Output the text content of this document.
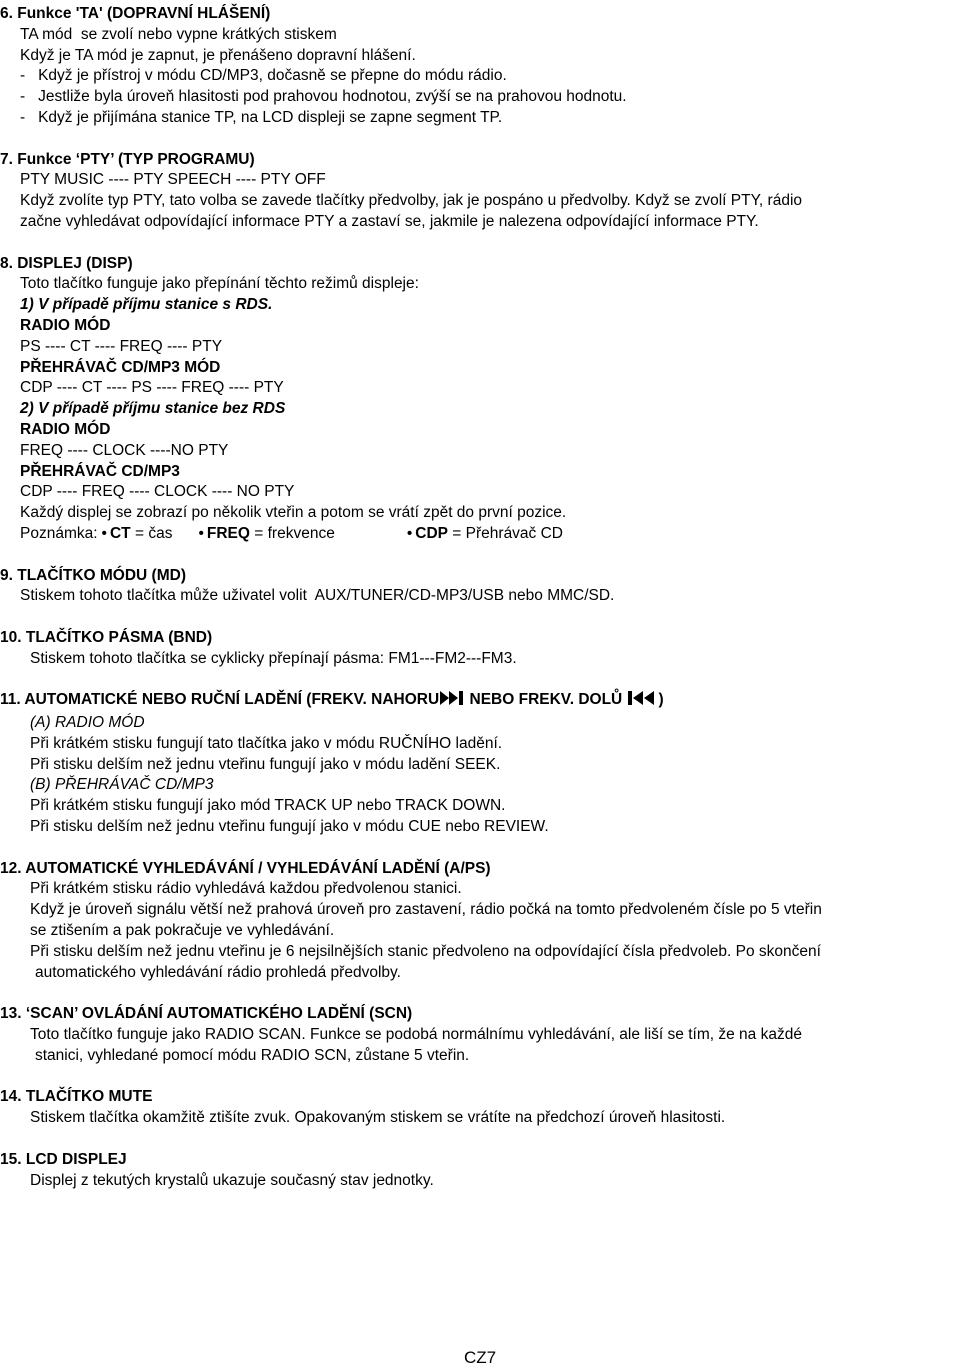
6. Funkce 'TA' (DOPRAVNÍ HLÁŠENÍ)
TA mód  se zvolí nebo vypne krátkých stiskem
Když je TA mód je zapnut, je přenášeno dopravní hlášení.
-   Když je přístroj v módu CD/MP3, dočasně se přepne do módu rádio.
-   Jestliže byla úroveň hlasitosti pod prahovou hodnotou, zvýší se na prahovou hodnotu.
-   Když je přijímána stanice TP, na LCD displeji se zapne segment TP.
7. Funkce ‘PTY’ (TYP PROGRAMU)
PTY MUSIC ---- PTY SPEECH ---- PTY OFF
Když zvolíte typ PTY, tato volba se zavede tlačítky předvolby, jak je pospáno u předvolby. Když se zvolí PTY, rádio
začne vyhledávat odpovídající informace PTY a zastaví se, jakmile je nalezena odpovídající informace PTY.
8. DISPLEJ (DISP)
Toto tlačítko funguje jako přepínání těchto režimů displeje:
1) V případě příjmu stanice s RDS.
RADIO MÓD
PS ---- CT ---- FREQ ---- PTY
PŘEHRÁVAČ CD/MP3 MÓD
CDP ---- CT ---- PS ---- FREQ ---- PTY
2) V případě příjmu stanice bez RDS
RADIO MÓD
FREQ ---- CLOCK ----NO PTY
PŘEHRÁVAČ CD/MP3
CDP ---- FREQ ---- CLOCK ---- NO PTY
Každý displej se zobrazí po několik vteřin a potom se vrátí zpět do první pozice.
Poznámka: • CT = čas • FREQ = frekvence	• CDP = Přehrávač CD
9. TLAČÍTKO MÓDU (MD)
Stiskem tohoto tlačítka může uživatel volit  AUX/TUNER/CD-MP3/USB nebo MMC/SD.
10. TLAČÍTKO PÁSMA (BND)
Stiskem tohoto tlačítka se cyklicky přepínají pásma: FM1---FM2---FM3.
11. AUTOMATICKÉ NEBO RUČNÍ LADĚNÍ (FREKV. NAHORU NEBO FREKV. DOLŮ )
(A) RADIO MÓD
Při krátkém stisku fungují tato tlačítka jako v módu RUČNÍHO ladění.
Při stisku delším než jednu vteřinu fungují jako v módu ladění SEEK.
(B) PŘEHRÁVAČ CD/MP3
Při krátkém stisku fungují jako mód TRACK UP nebo TRACK DOWN.
Při stisku delším než jednu vteřinu fungují jako v módu CUE nebo REVIEW.
12. AUTOMATICKÉ VYHLEDÁVÁNÍ / VYHLEDÁVÁNÍ LADĚNÍ (A/PS)
Při krátkém stisku rádio vyhledává každou předvolenou stanici.
Když je úroveň signálu větší než prahová úroveň pro zastavení, rádio počká na tomto předvoleném čísle po 5 vteřin
se ztišením a pak pokračuje ve vyhledávání.
Při stisku delším než jednu vteřinu je 6 nejsilnějších stanic předvoleno na odpovídající čísla předvoleb. Po skončení
automatického vyhledávání rádio prohledá předvolby.
13. ‘SCAN’ OVLÁDÁNÍ AUTOMATICKÉHO LADĚNÍ (SCN)
Toto tlačítko funguje jako RADIO SCAN. Funkce se podobá normálnímu vyhledávání, ale liší se tím, že na každé
stanici, vyhledané pomocí módu RADIO SCN, zůstane 5 vteřin.
14. TLAČÍTKO MUTE
Stiskem tlačítka okamžitě ztišíte zvuk. Opakovaným stiskem se vrátíte na předchozí úroveň hlasitosti.
15. LCD DISPLEJ
Displej z tekutých krystalů ukazuje současný stav jednotky.
CZ7
